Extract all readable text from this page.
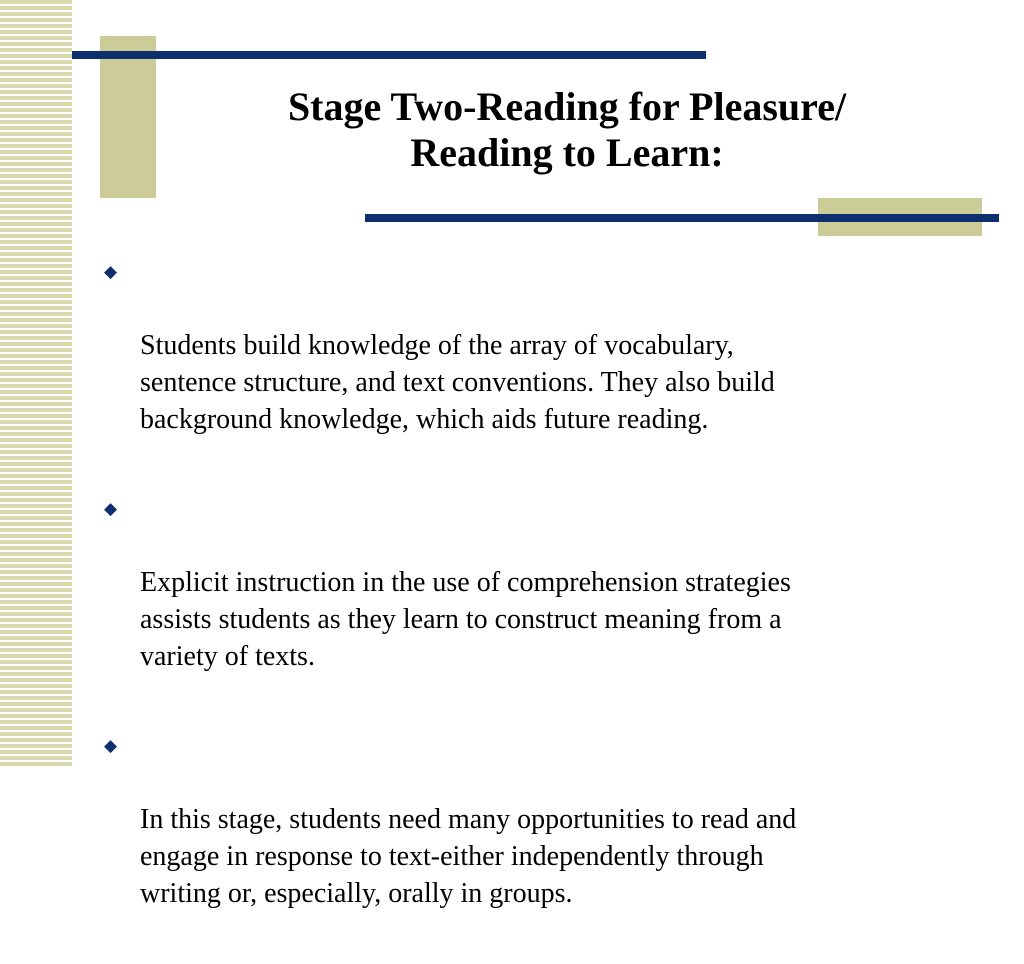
Stage Two-Reading for Pleasure/
Reading to Learn:

◆

Students build knowledge of the array of vocabulary,
sentence structure, and text conventions. They also build
background knowledge, which aids future reading.

◆

Explicit instruction in the use of comprehension strategies
assists students as they learn to construct meaning from a
variety of texts.

◆

In this stage, students need many opportunities to read and
engage in response to text-either independently through
writing or, especially, orally in groups.
